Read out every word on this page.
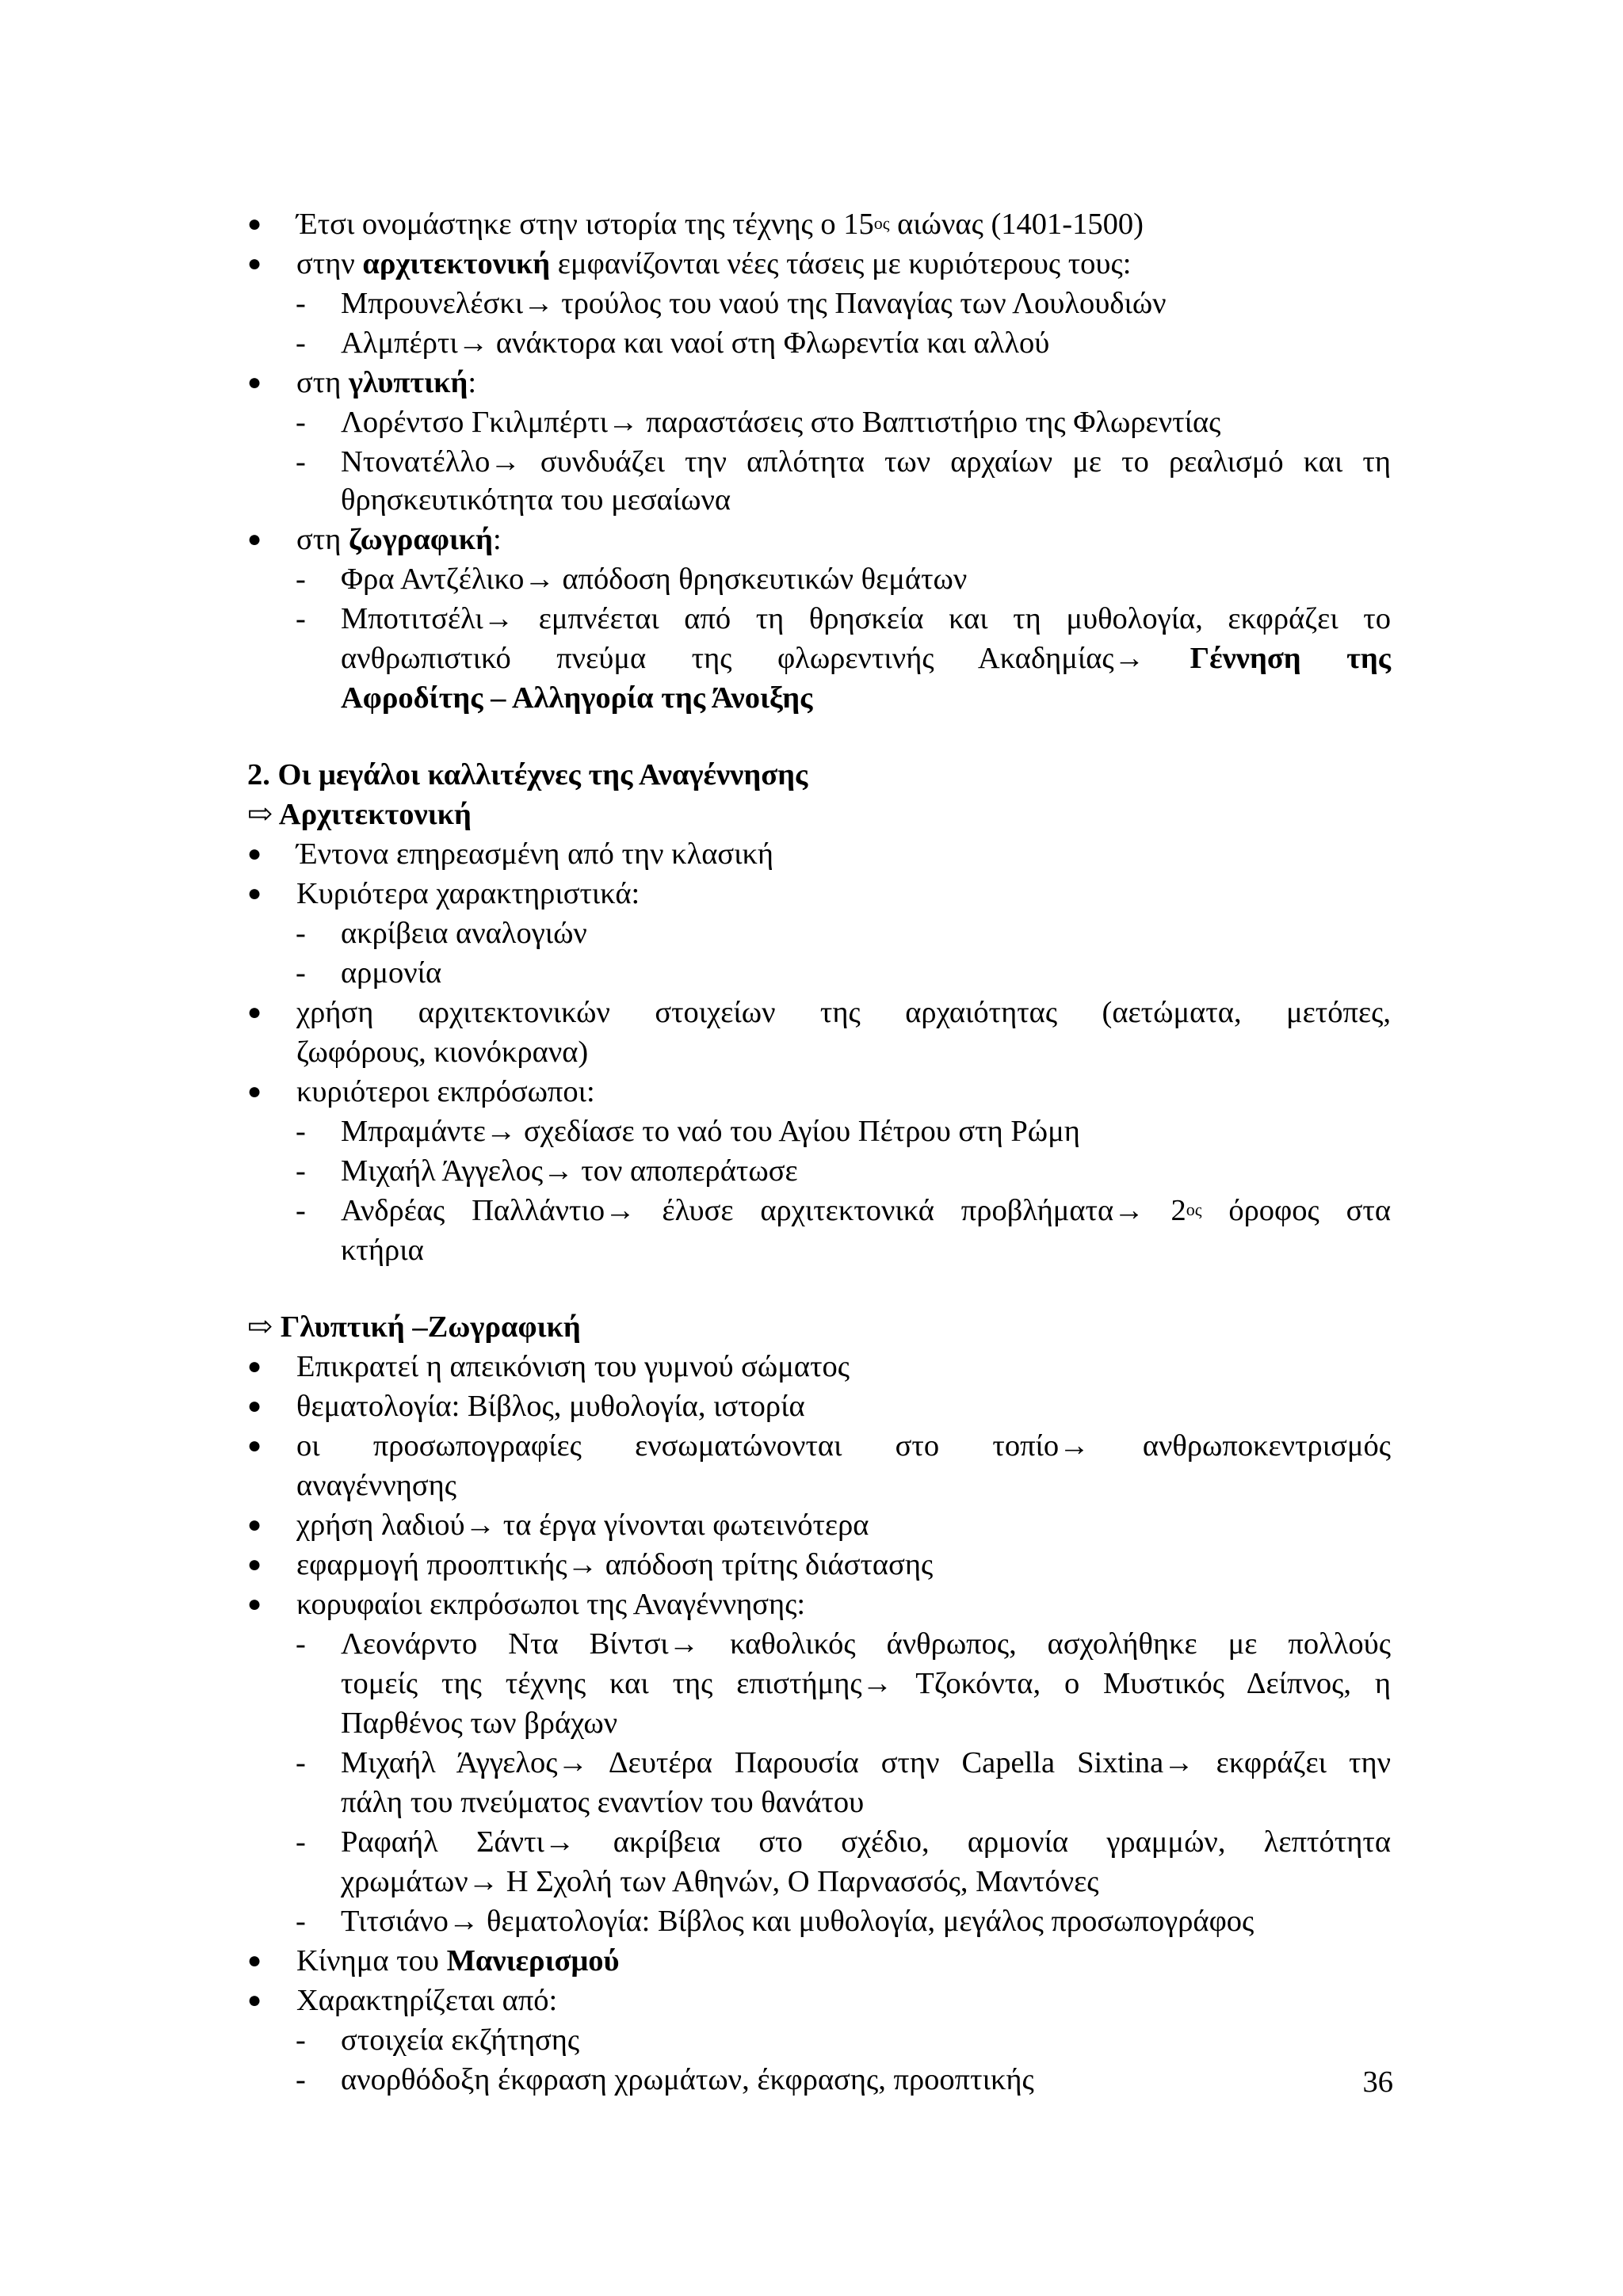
● Έτσι ονομάστηκε στην ιστορία της τέχνης ο $15^{o\varsigma}$ αιώνας (1401-1500)
● στην αρχιτεκτονική εμφανίζονται νέες τάσεις με κυριότερους τους:
- Μπρουνελέσκι→ τρούλος του ναού της Παναγίας των Λουλουδιών
- Αλμπέρτι→ ανάκτορα και ναοί στη Φλωρεντία και αλλού
● στη γλυπτική:
- Λορέντσο Γκιλμπέρτι→ παραστάσεις στο Βαπτιστήριο της Φλωρεντίας
- Ντονατέλλο→ συνδυάζει την απλότητα των αρχαίων με το ρεαλισμό και τη
θρησκευτικότητα του μεσαίωνα
● στη ζωγραφική:
- Φρα Αντζέλικο→ απόδοση θρησκευτικών θεμάτων
- Μποτιτσέλι→ εμπνέεται από τη θρησκεία και τη μυθολογία, εκφράζει το
ανθρωπιστικό πνεύμα της φλωρεντινής Ακαδημίας→ Γέννηση της
Αφροδίτης – Αλληγορία της Άνοιξης
2. Οι μεγάλοι καλλιτέχνες της Αναγέννησης
⇨ Αρχιτεκτονική
● Έντονα επηρεασμένη από την κλασική
● Κυριότερα χαρακτηριστικά:
- ακρίβεια αναλογιών
- αρμονία
● χρήση αρχιτεκτονικών στοιχείων της αρχαιότητας (αετώματα, μετόπες,
ζωφόρους, κιονόκρανα)
● κυριότεροι εκπρόσωποι:
- Μπραμάντε→ σχεδίασε το ναό του Αγίου Πέτρου στη Ρώμη
- Μιχαήλ Άγγελος→ τον αποπεράτωσε
- Ανδρέας Παλλάντιο→ έλυσε αρχιτεκτονικά $\pi\rho o\beta\lambda ή\mu\alpha\tau\alpha\to 2^{o\varsigma}$ όροφος στα
κτήρια
⇨ Γλυπτική –Ζωγραφική
● Επικρατεί η απεικόνιση του γυμνού σώματος
● θεματολογία: Βίβλος, μυθολογία, ιστορία
● οι προσωπογραφίες ενσωματώνονται στο τοπίο→ ανθρωποκεντρισμός
αναγέννησης
● χρήση λαδιού→ τα έργα γίνονται φωτεινότερα
● εφαρμογή προοπτικής→ απόδοση τρίτης διάστασης
● κορυφαίοι εκπρόσωποι της Αναγέννησης:
- Λεονάρντο Ντα Βίντσι→ καθολικός άνθρωπος, ασχολήθηκε με πολλούς
τομείς της τέχνης και της επιστήμης→ Τζοκόντα, ο Μυστικός Δείπνος, η
Παρθένος των βράχων
- Μιχαήλ Άγγελος→ Δευτέρα Παρουσία στην Capella Sixtina→ εκφράζει την
πάλη του πνεύματος εναντίον του θανάτου
- Ραφαήλ Σάντι→ ακρίβεια στο σχέδιο, αρμονία γραμμών, λεπτότητα
χρωμάτων→ Η Σχολή των Αθηνών, Ο Παρνασσός, Μαντόνες
- Τιτσιάνο→ θεματολογία: Βίβλος και μυθολογία, μεγάλος προσωπογράφος
● Κίνημα του Μανιερισμού
● Χαρακτηρίζεται από:
- στοιχεία εκζήτησης
- ανορθόδοξη έκφραση χρωμάτων, έκφρασης, προοπτικής	36
